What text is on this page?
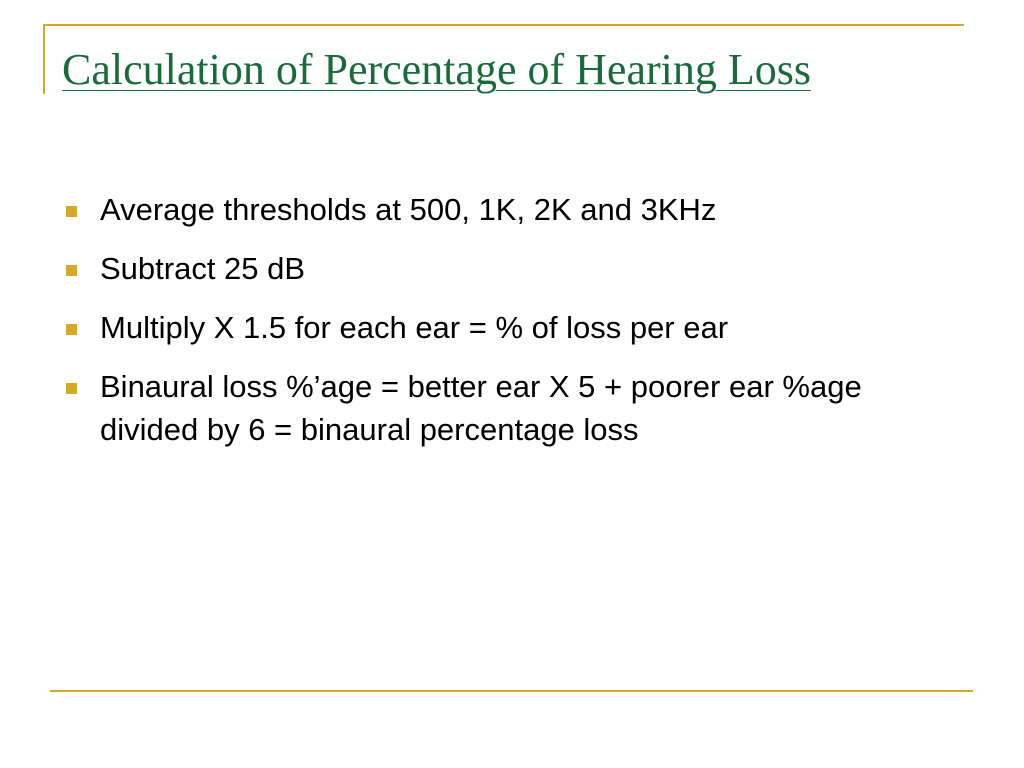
Calculation of Percentage of Hearing Loss
Average thresholds at 500, 1K, 2K and 3KHz
Subtract 25 dB
Multiply X 1.5 for each ear = % of loss per ear
Binaural loss %’age = better ear X 5 + poorer ear %age divided by 6 = binaural percentage loss
